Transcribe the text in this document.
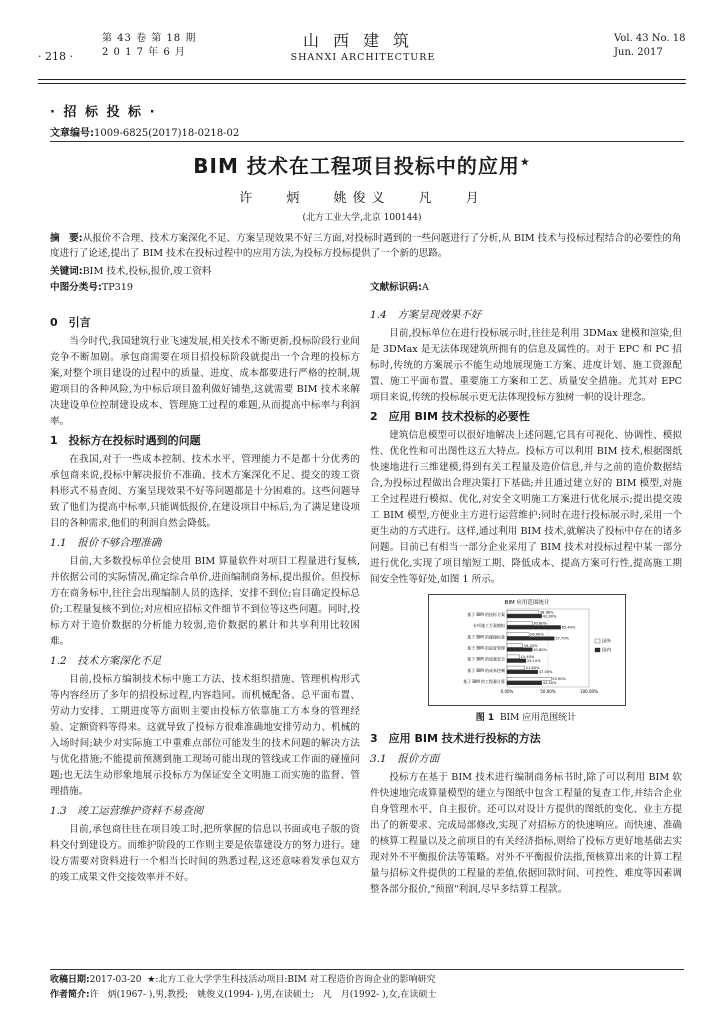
· 218 ·
第 43 卷 第 18 期
2 0 1 7 年 6 月
山西建筑
SHANXI ARCHITECTURE
Vol. 43 No. 18
Jun. 2017
· 招 标 投 标 ·
文章编号:1009-6825(2017)18-0218-02
BIM 技术在工程项目投标中的应用★
许 炳 姚俊义 凡 月
(北方工业大学,北京 100144)
摘　要:从报价不合理、技术方案深化不足、方案呈现效果不好三方面,对投标时遇到的一些问题进行了分析,从 BIM 技术与投标过程结合的必要性的角度进行了论述,提出了 BIM 技术在投标过程中的应用方法,为投标方投标提供了一个新的思路。
关键词:BIM 技术,投标,报价,竣工资料
中图分类号:TP319	文献标识码:A
0　引言

当今时代,我国建筑行业飞速发展,相关技术不断更新,投标阶段行业间竞争不断加剧。承包商需要在项目招投标阶段就提出一个合理的投标方案,对整个项目建设的过程中的质量、进度、成本都要进行严格的控制,规避项目的各种风险,为中标后项目盈利做好铺垫,这就需要 BIM 技术来解决建设单位控制建设成本、管理施工过程的难题,从而提高中标率与利润率。

1　投标方在投标时遇到的问题

在我国,对于一些成本控制、技术水平、管理能力不是都十分优秀的承包商来说,投标中解决报价不准确、技术方案深化不足、提交的竣工资料形式不易查阅、方案呈现效果不好等问题都是十分困难的。这些问题导致了他们为提高中标率,只能调低报价,在建设项目中标后,为了满足建设项目的各种需求,他们的利润自然会降低。

1.1　报价不够合理准确

目前,大多数投标单位会使用 BIM 算量软件对项目工程量进行复核,并依据公司的实际情况,确定综合单价,进而编制商务标,提出报价。但投标方在商务标中,往往会出现编制人员的选择、安排不到位;盲目确定投标总价;工程量复核不到位;对应相应招标文件细节不到位等这些问题。同时,投标方对于造价数据的分析能力较弱,造价数据的累计和共享利用比较困难。

1.2　技术方案深化不足

目前,投标方编制技术标中施工方法、技术组织措施、管理机构形式等内容经历了多年的招投标过程,内容趋同。而机械配备、总平面布置、劳动力安排、工期进度等方面则主要由投标方依靠施工方本身的管理经验、定额资料等得来。这就导致了投标方很难准确地安排劳动力、机械的入场时间;缺少对实际施工中重难点部位可能发生的技术问题的解决方法与优化措施;不能提前预测到施工现场可能出现的管线或工作面的碰撞问题;也无法生动形象地展示投标方为保证安全文明施工而实施的监督、管理措施。

1.3　竣工运营维护资料不易查阅

目前,承包商往往在项目竣工时,把所掌握的信息以书面或电子版的资料交付到建设方。而维护阶段的工作则主要是依靠建设方的努力进行。建设方需要对资料进行一个相当长时间的熟悉过程,这还意味着发承包双方的竣工成果文件交接效率并不好。

1.4　方案呈现效果不好

目前,投标单位在进行投标展示时,往往是利用 3DMax 建模和渲染,但是 3DMax 是无法体现建筑所拥有的信息及属性的。对于 EPC 和 PC 招标时,传统的方案展示不能生动地展现施工方案、进度计划、施工资源配置、施工平面布置、重要施工方案和工艺、质量安全措施。尤其对 EPC 项目来说,传统的投标展示更无法体现投标方独树一帜的设计理念。

2　应用 BIM 技术投标的必要性

建筑信息模型可以很好地解决上述问题,它具有可视化、协调性、模拟性、优化性和可出图性这五大特点。投标方可以利用 BIM 技术,根据图纸快速地进行三维建模,得到有关工程量及造价信息,并与之前的造价数据结合,为投标过程做出合理决策打下基础;并且通过建立好的 BIM 模型,对施工全过程进行模拟、优化,对安全文明施工方案进行优化展示;提出提交竣工 BIM 模型,方便业主方进行运营维护;同时在进行投标展示时,采用一个更生动的方式进行。这样,通过利用 BIM 技术,就解决了投标中存在的诸多问题。目前已有相当一部分企业采用了 BIM 技术对投标过程中某一部分进行优化,实现了项目缩短工期、降低成本、提高方案可行性,提高施工期间安全性等好处,如图 1 所示。

BIM 应用范围统计
0.00%	50.00%	100.00%
基于 BIM 的投标方案	38.90%
42.30%
专项施工方案模拟	30.80%
65.40%
基于 BIM 的碰撞检查	26.90%
57.70%
基于 BIM 的进度管理	19.20%
30.80%
基于 BIM 的质量安全	15.40%
23.10%
基于 BIM 的成本控制	21.60%
37.50%
基于 BIM 的工程量计算	53.90%
42.30%
国外
国内
图 1 BIM 应用范围统计
3　应用 BIM 技术进行投标的方法
3.1　报价方面

投标方在基于 BIM 技术进行编制商务标书时,除了可以利用 BIM 软件快速地完成算量模型的建立与图纸中包含工程量的复查工作,并结合企业自身管理水平、自主报价。还可以对设计方提供的图纸的变化、业主方提出了的新要求、完成局部修改,实现了对招标方的快速响应。而快速、准确的核算工程量以及之前项目的有关经济指标,则给了投标方更好地基础去实现对外不平衡报价法等策略。对外不平衡报价法指,预核算出来的计算工程量与招标文件提供的工程量的差值,依据回款时间、可控性、难度等因素调整各部分报价,"预留"利润,尽早多结算工程款。

收稿日期:2017-03-20 ★:北方工业大学学生科技活动项目:BIM 对工程造价咨询企业的影响研究
作者简介:许　炳(1967- ),男,教授;　姚俊义(1994- ),男,在读硕士;　凡　月(1992- ),女,在读硕士
